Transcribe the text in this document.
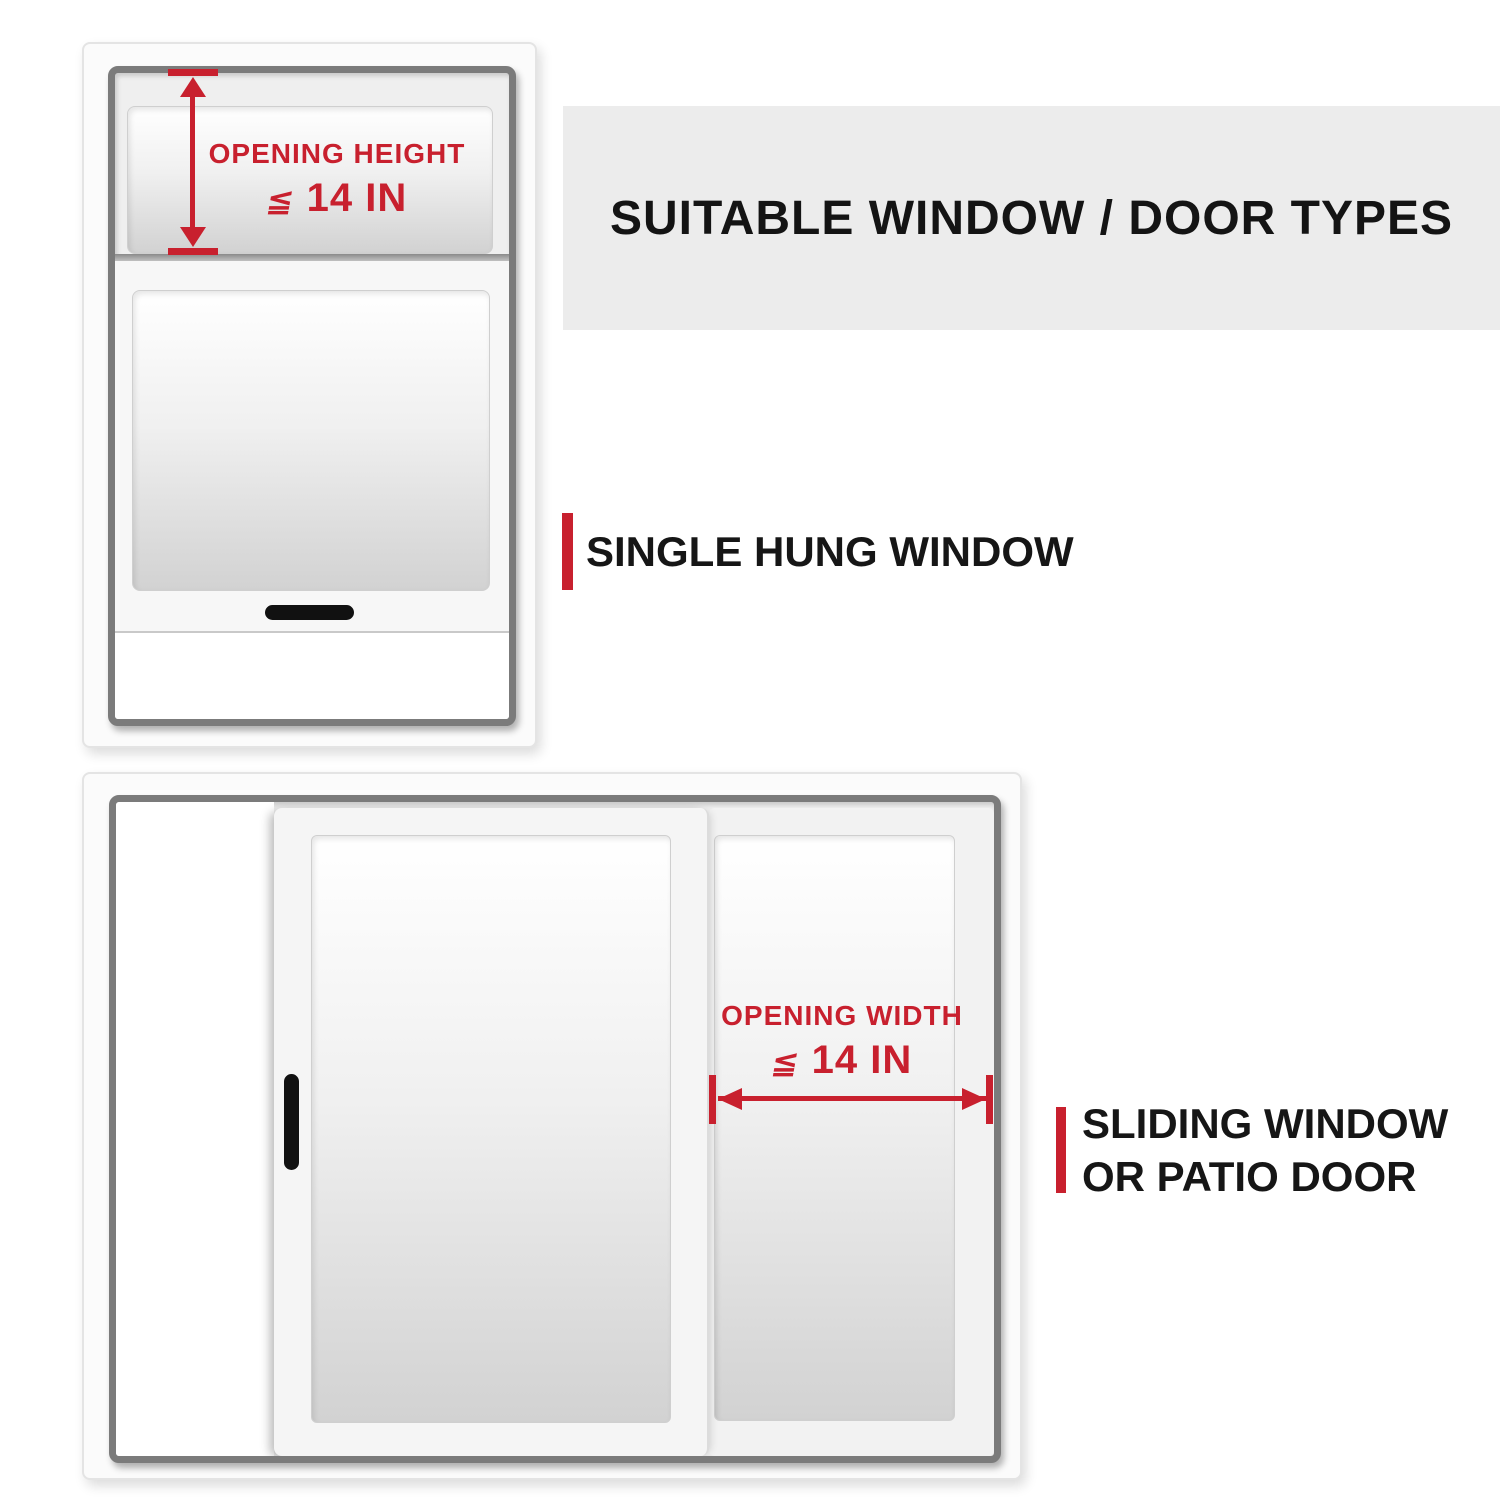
OPENING HEIGHT
≦ 14 IN	SUITABLE WINDOW / DOOR TYPES
SINGLE HUNG WINDOW
OPENING WIDTH
≦ 14 IN
SLIDING WINDOW
OR PATIO DOOR
